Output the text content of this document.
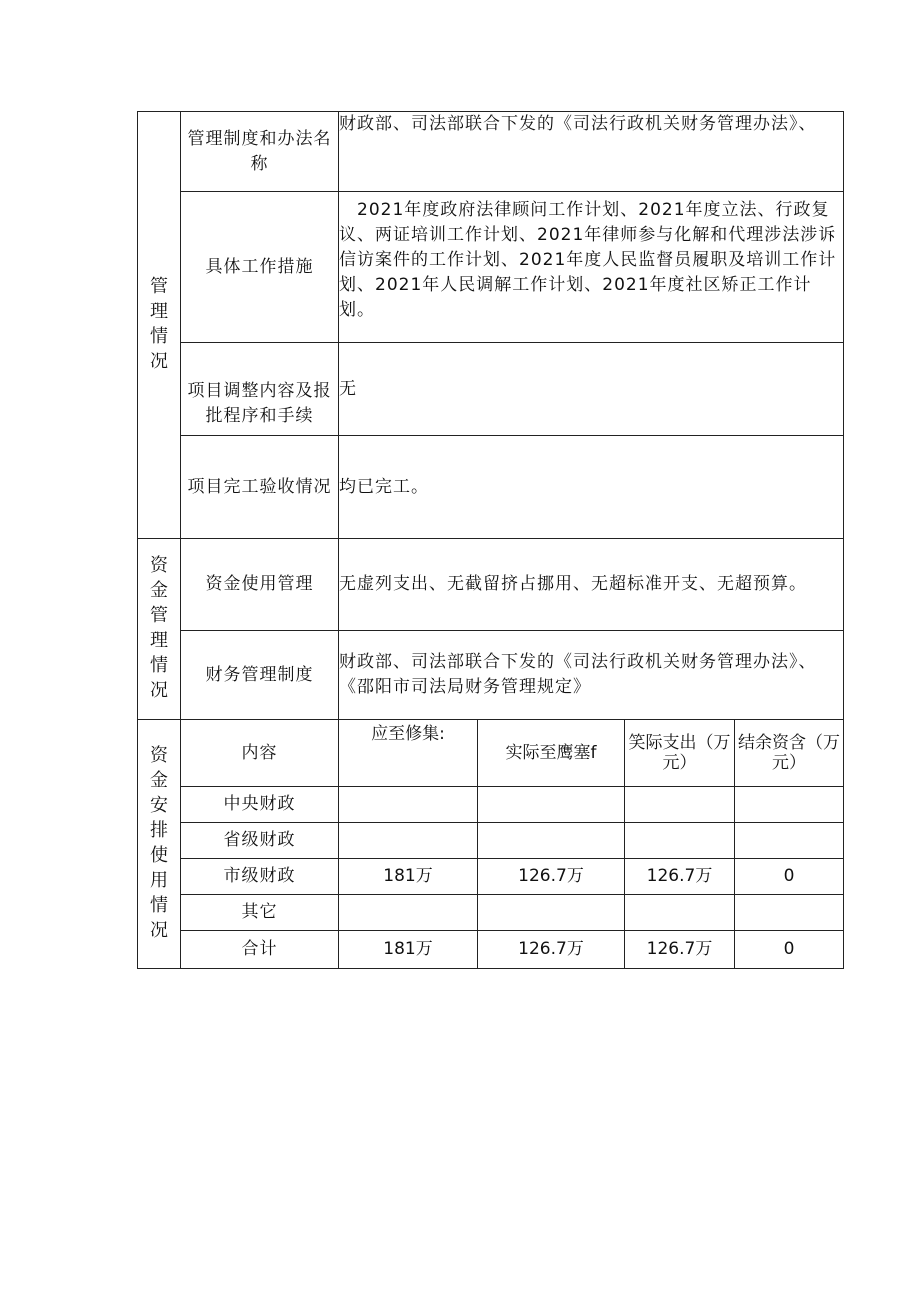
管理情况	管理制度和办法名称	财政部、司法部联合下发的《司法行政机关财务管理办法》、			
	具体工作措施	　2021年度政府法律顾问工作计划、2021年度立法、行政复议、两证培训工作计划、2021年律师参与化解和代理涉法涉诉信访案件的工作计划、2021年度人民监督员履职及培训工作计划、2021年人民调解工作计划、2021年度社区矫正工作计划。			
	项目调整内容及报批程序和手续	无			
	项目完工验收情况	均已完工。			
资金管理情况	资金使用管理	无虚列支出、无截留挤占挪用、无超标准开支、无超预算。			
	财务管理制度	财政部、司法部联合下发的《司法行政机关财务管理办法》、《邵阳市司法局财务管理规定》			
资金安排使用情况	内容	应至修集:	实际至鹰塞f	笑际支出（万元）	结余资含（万元）
	中央财政				
	省级财政				
	市级财政	181万	126.7万	126.7万	0
	其它				
	合计	181万	126.7万	126.7万	0
